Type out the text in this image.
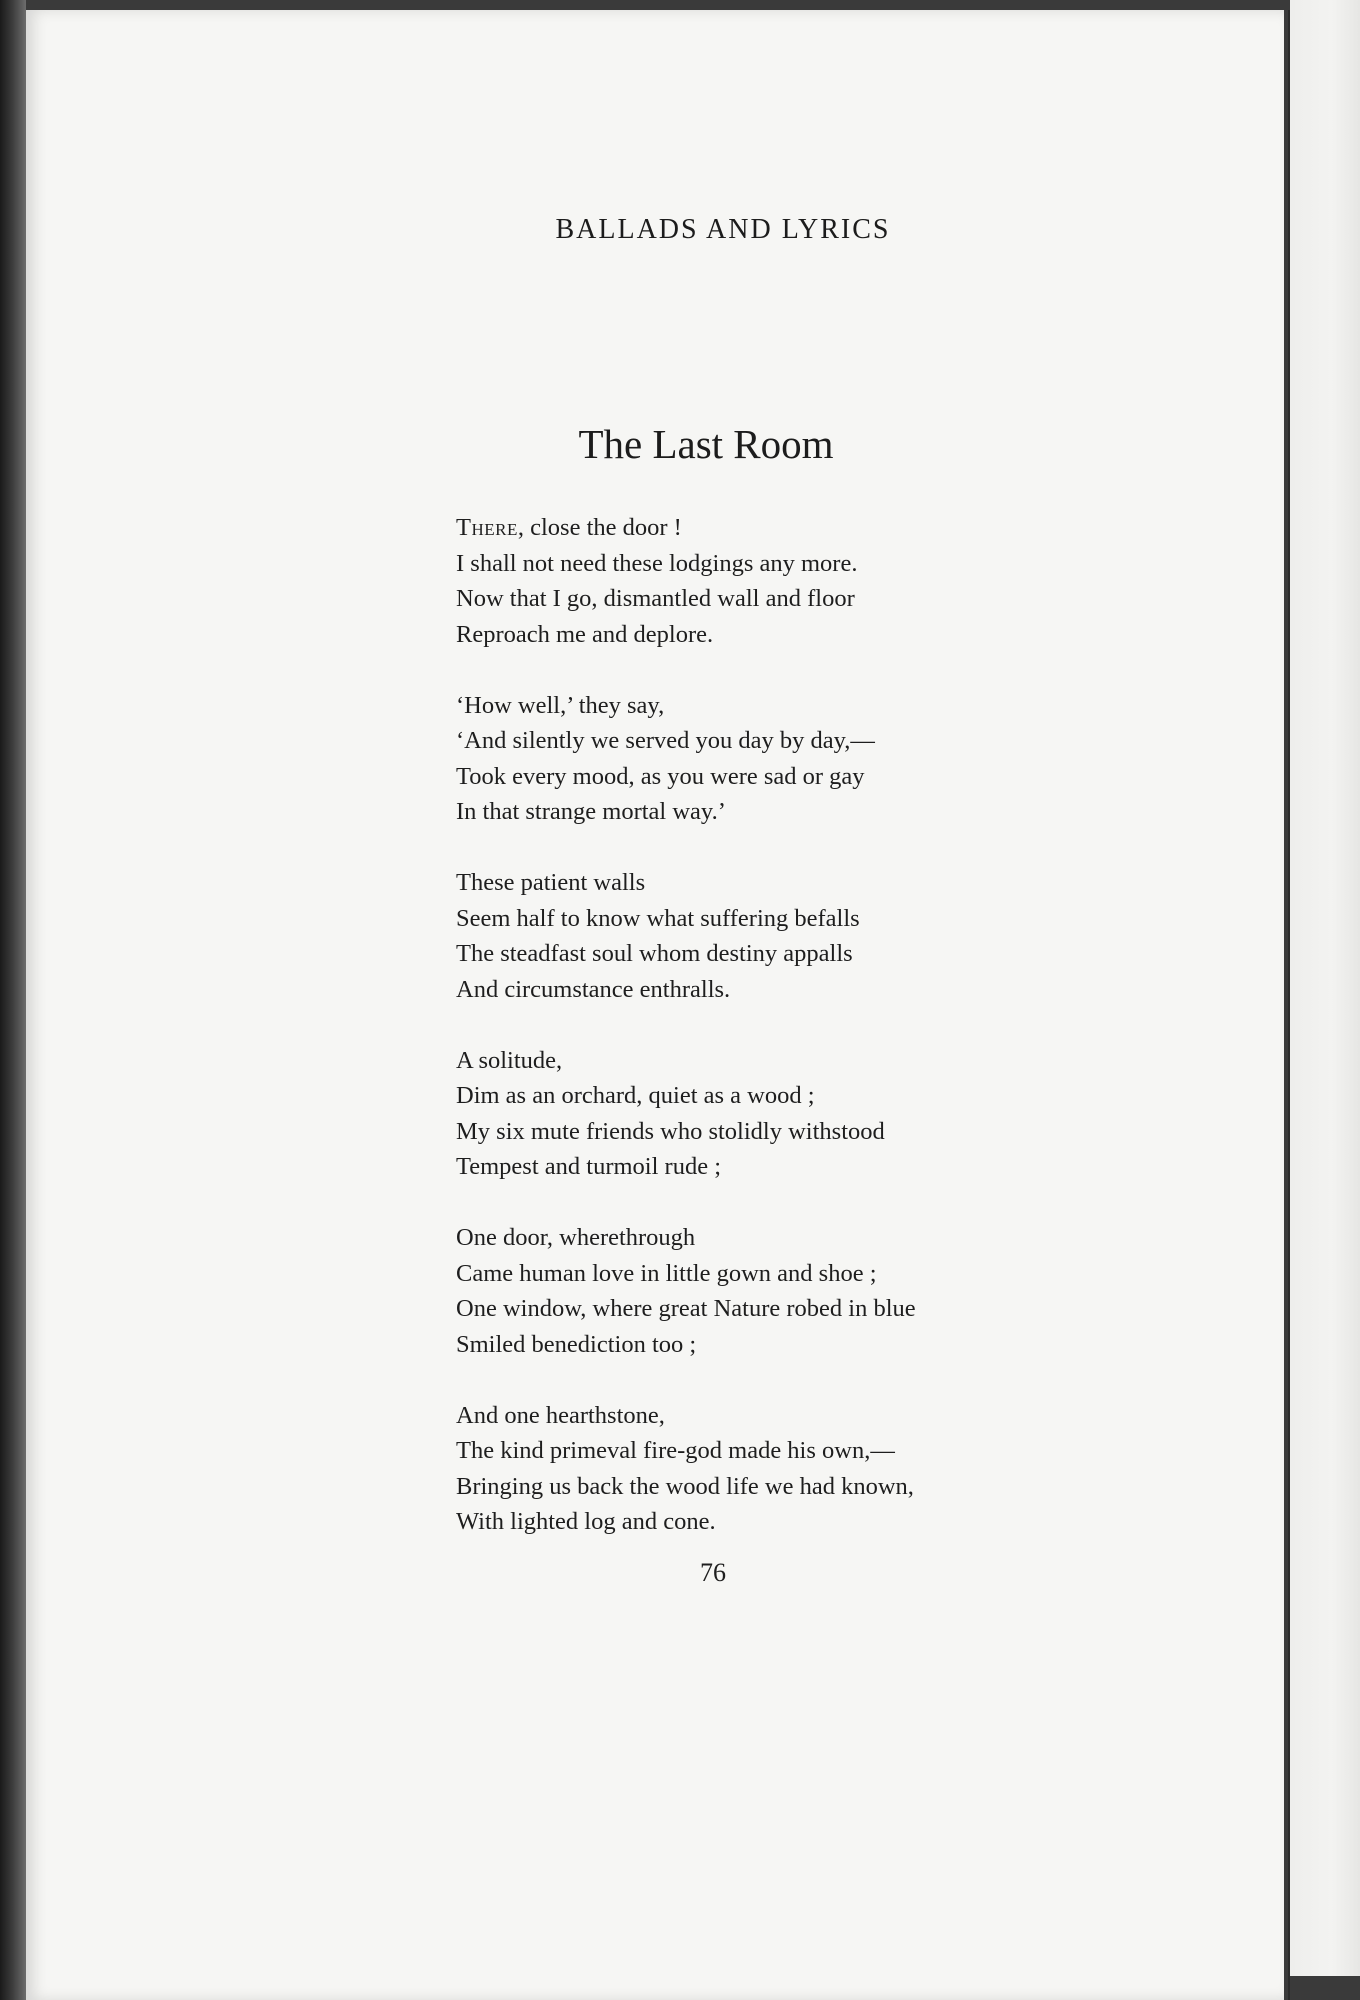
BALLADS AND LYRICS
The Last Room
There, close the door !
I shall not need these lodgings any more.
Now that I go, dismantled wall and floor
Reproach me and deplore.
‘How well,’ they say,
‘And silently we served you day by day,—
Took every mood, as you were sad or gay
In that strange mortal way.’
These patient walls
Seem half to know what suffering befalls
The steadfast soul whom destiny appalls
And circumstance enthralls.
A solitude,
Dim as an orchard, quiet as a wood ;
My six mute friends who stolidly withstood
Tempest and turmoil rude ;
One door, wherethrough
Came human love in little gown and shoe ;
One window, where great Nature robed in blue
Smiled benediction too ;
And one hearthstone,
The kind primeval fire-god made his own,—
Bringing us back the wood life we had known,
With lighted log and cone.
76
